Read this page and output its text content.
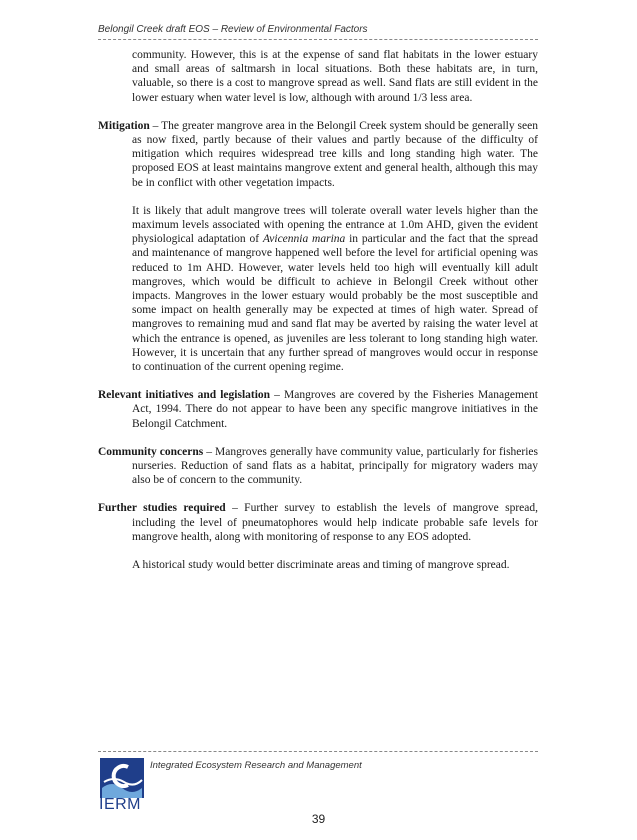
Belongil Creek draft EOS – Review of Environmental Factors

community. However, this is at the expense of sand flat habitats in the lower estuary and small areas of saltmarsh in local situations. Both these habitats are, in turn, valuable, so there is a cost to mangrove spread as well. Sand flats are still evident in the lower estuary when water level is low, although with around 1/3 less area.

Mitigation – The greater mangrove area in the Belongil Creek system should be generally seen as now fixed, partly because of their values and partly because of the difficulty of mitigation which requires widespread tree kills and long standing high water. The proposed EOS at least maintains mangrove extent and general health, although this may be in conflict with other vegetation impacts.

It is likely that adult mangrove trees will tolerate overall water levels higher than the maximum levels associated with opening the entrance at 1.0m AHD, given the evident physiological adaptation of Avicennia marina in particular and the fact that the spread and maintenance of mangrove happened well before the level for artificial opening was reduced to 1m AHD. However, water levels held too high will eventually kill adult mangroves, which would be difficult to achieve in Belongil Creek without other impacts. Mangroves in the lower estuary would probably be the most susceptible and some impact on health generally may be expected at times of high water. Spread of mangroves to remaining mud and sand flat may be averted by raising the water level at which the entrance is opened, as juveniles are less tolerant to long standing high water. However, it is uncertain that any further spread of mangroves would occur in response to continuation of the current opening regime.

Relevant initiatives and legislation – Mangroves are covered by the Fisheries Management Act, 1994. There do not appear to have been any specific mangrove initiatives in the Belongil Catchment.

Community concerns – Mangroves generally have community value, particularly for fisheries nurseries. Reduction of sand flats as a habitat, principally for migratory waders may also be of concern to the community.

Further studies required – Further survey to establish the levels of mangrove spread, including the level of pneumatophores would help indicate probable safe levels for mangrove health, along with monitoring of response to any EOS adopted.

A historical study would better discriminate areas and timing of mangrove spread.

IERM
Integrated Ecosystem Research and Management
39
